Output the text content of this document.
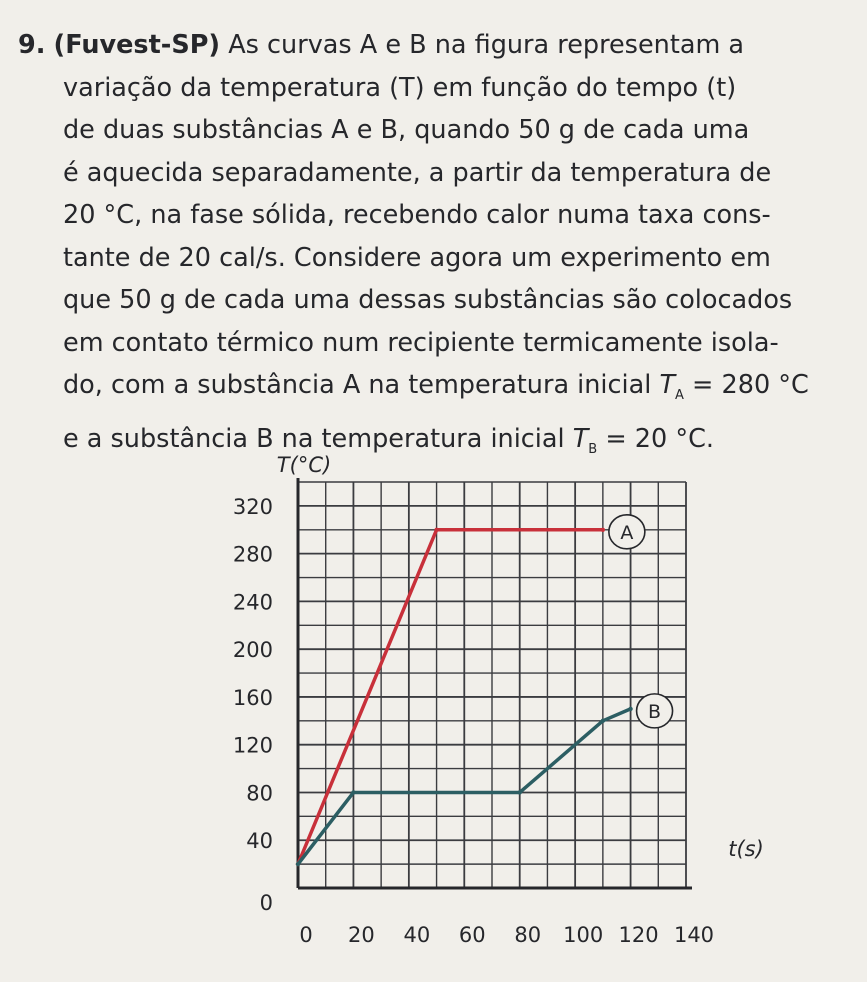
9. (Fuvest-SP) As curvas A e B na figura representam a
variação da temperatura (T) em função do tempo (t)
de duas substâncias A e B, quando 50 g de cada uma
é aquecida separadamente, a partir da temperatura de
20 °C, na fase sólida, recebendo calor numa taxa cons-
tante de 20 cal/s. Considere agora um experimento em
que 50 g de cada uma dessas substâncias são colocados
em contato térmico num recipiente termicamente isola-
do, com a substância A na temperatura inicial $T_A = 280$ °C
e a substância B na temperatura inicial $T_B = 20$ °C.
0
40
80
120
160
200
240
280
320
0 20 40 60 80 100 120 140
T(°C)
t(s)
A
B
